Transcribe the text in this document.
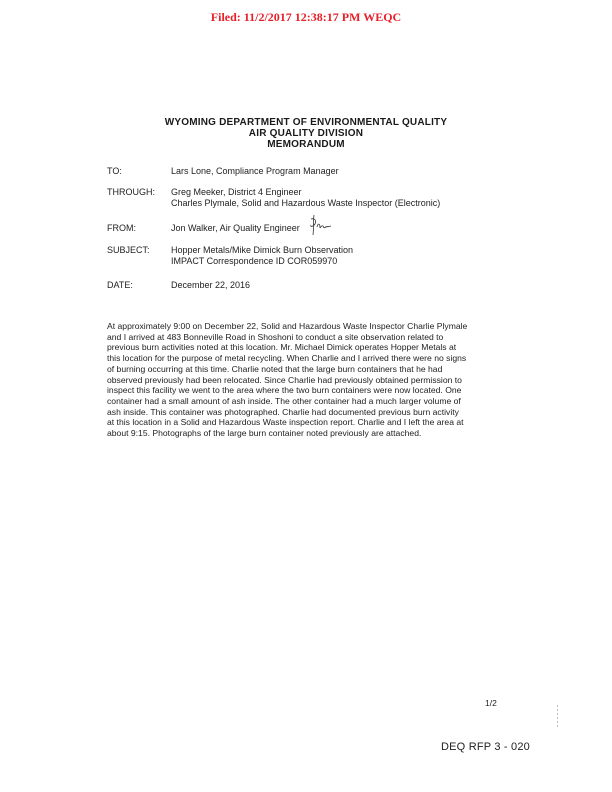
Filed: 11/2/2017 12:38:17 PM WEQC
WYOMING DEPARTMENT OF ENVIRONMENTAL QUALITY
AIR QUALITY DIVISION
MEMORANDUM
TO:	Lars Lone, Compliance Program Manager
THROUGH: Greg Meeker, District 4 Engineer
Charles Plymale, Solid and Hazardous Waste Inspector (Electronic)
FROM:	Jon Walker, Air Quality Engineer
SUBJECT: Hopper Metals/Mike Dimick Burn Observation
IMPACT Correspondence ID COR059970
DATE:	December 22, 2016
At approximately 9:00 on December 22, Solid and Hazardous Waste Inspector Charlie Plymale
and I arrived at 483 Bonneville Road in Shoshoni to conduct a site observation related to
previous burn activities noted at this location. Mr. Michael Dimick operates Hopper Metals at
this location for the purpose of metal recycling. When Charlie and I arrived there were no signs
of burning occurring at this time. Charlie noted that the large burn containers that he had
observed previously had been relocated. Since Charlie had previously obtained permission to
inspect this facility we went to the area where the two burn containers were now located. One
container had a small amount of ash inside. The other container had a much larger volume of
ash inside. This container was photographed. Charlie had documented previous burn activity
at this location in a Solid and Hazardous Waste inspection report. Charlie and I left the area at
about 9:15. Photographs of the large burn container noted previously are attached.
1/2
DEQ RFP 3 - 020
